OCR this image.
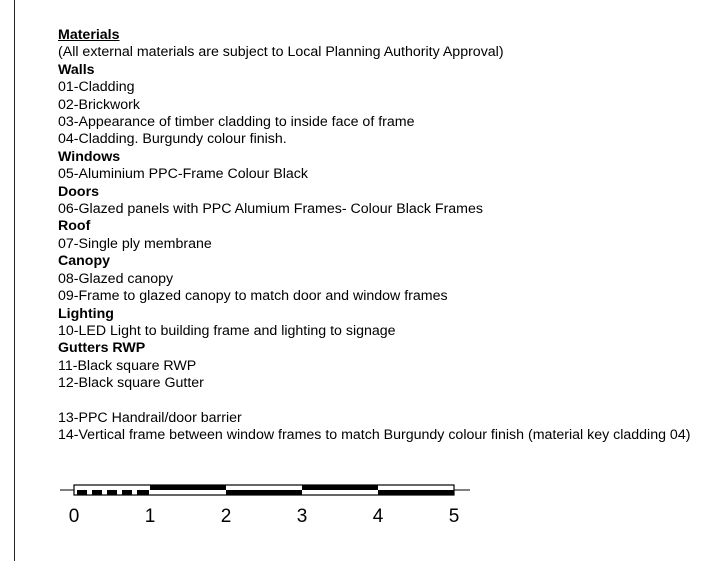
Materials
(All external materials are subject to Local Planning Authority Approval)
Walls
01-Cladding
02-Brickwork
03-Appearance of timber cladding to inside face of frame
04-Cladding. Burgundy colour finish.
Windows
05-Aluminium PPC-Frame Colour Black
Doors
06-Glazed panels with PPC Alumium Frames- Colour Black Frames
Roof
07-Single ply membrane
Canopy
08-Glazed canopy
09-Frame to glazed canopy to match door and window frames
Lighting
10-LED Light to building frame and lighting to signage
Gutters RWP
11-Black square RWP
12-Black square Gutter
13-PPC Handrail/door barrier
14-Vertical frame between window frames to match Burgundy colour finish (material key cladding 04)
0	1	2	3	4	5
